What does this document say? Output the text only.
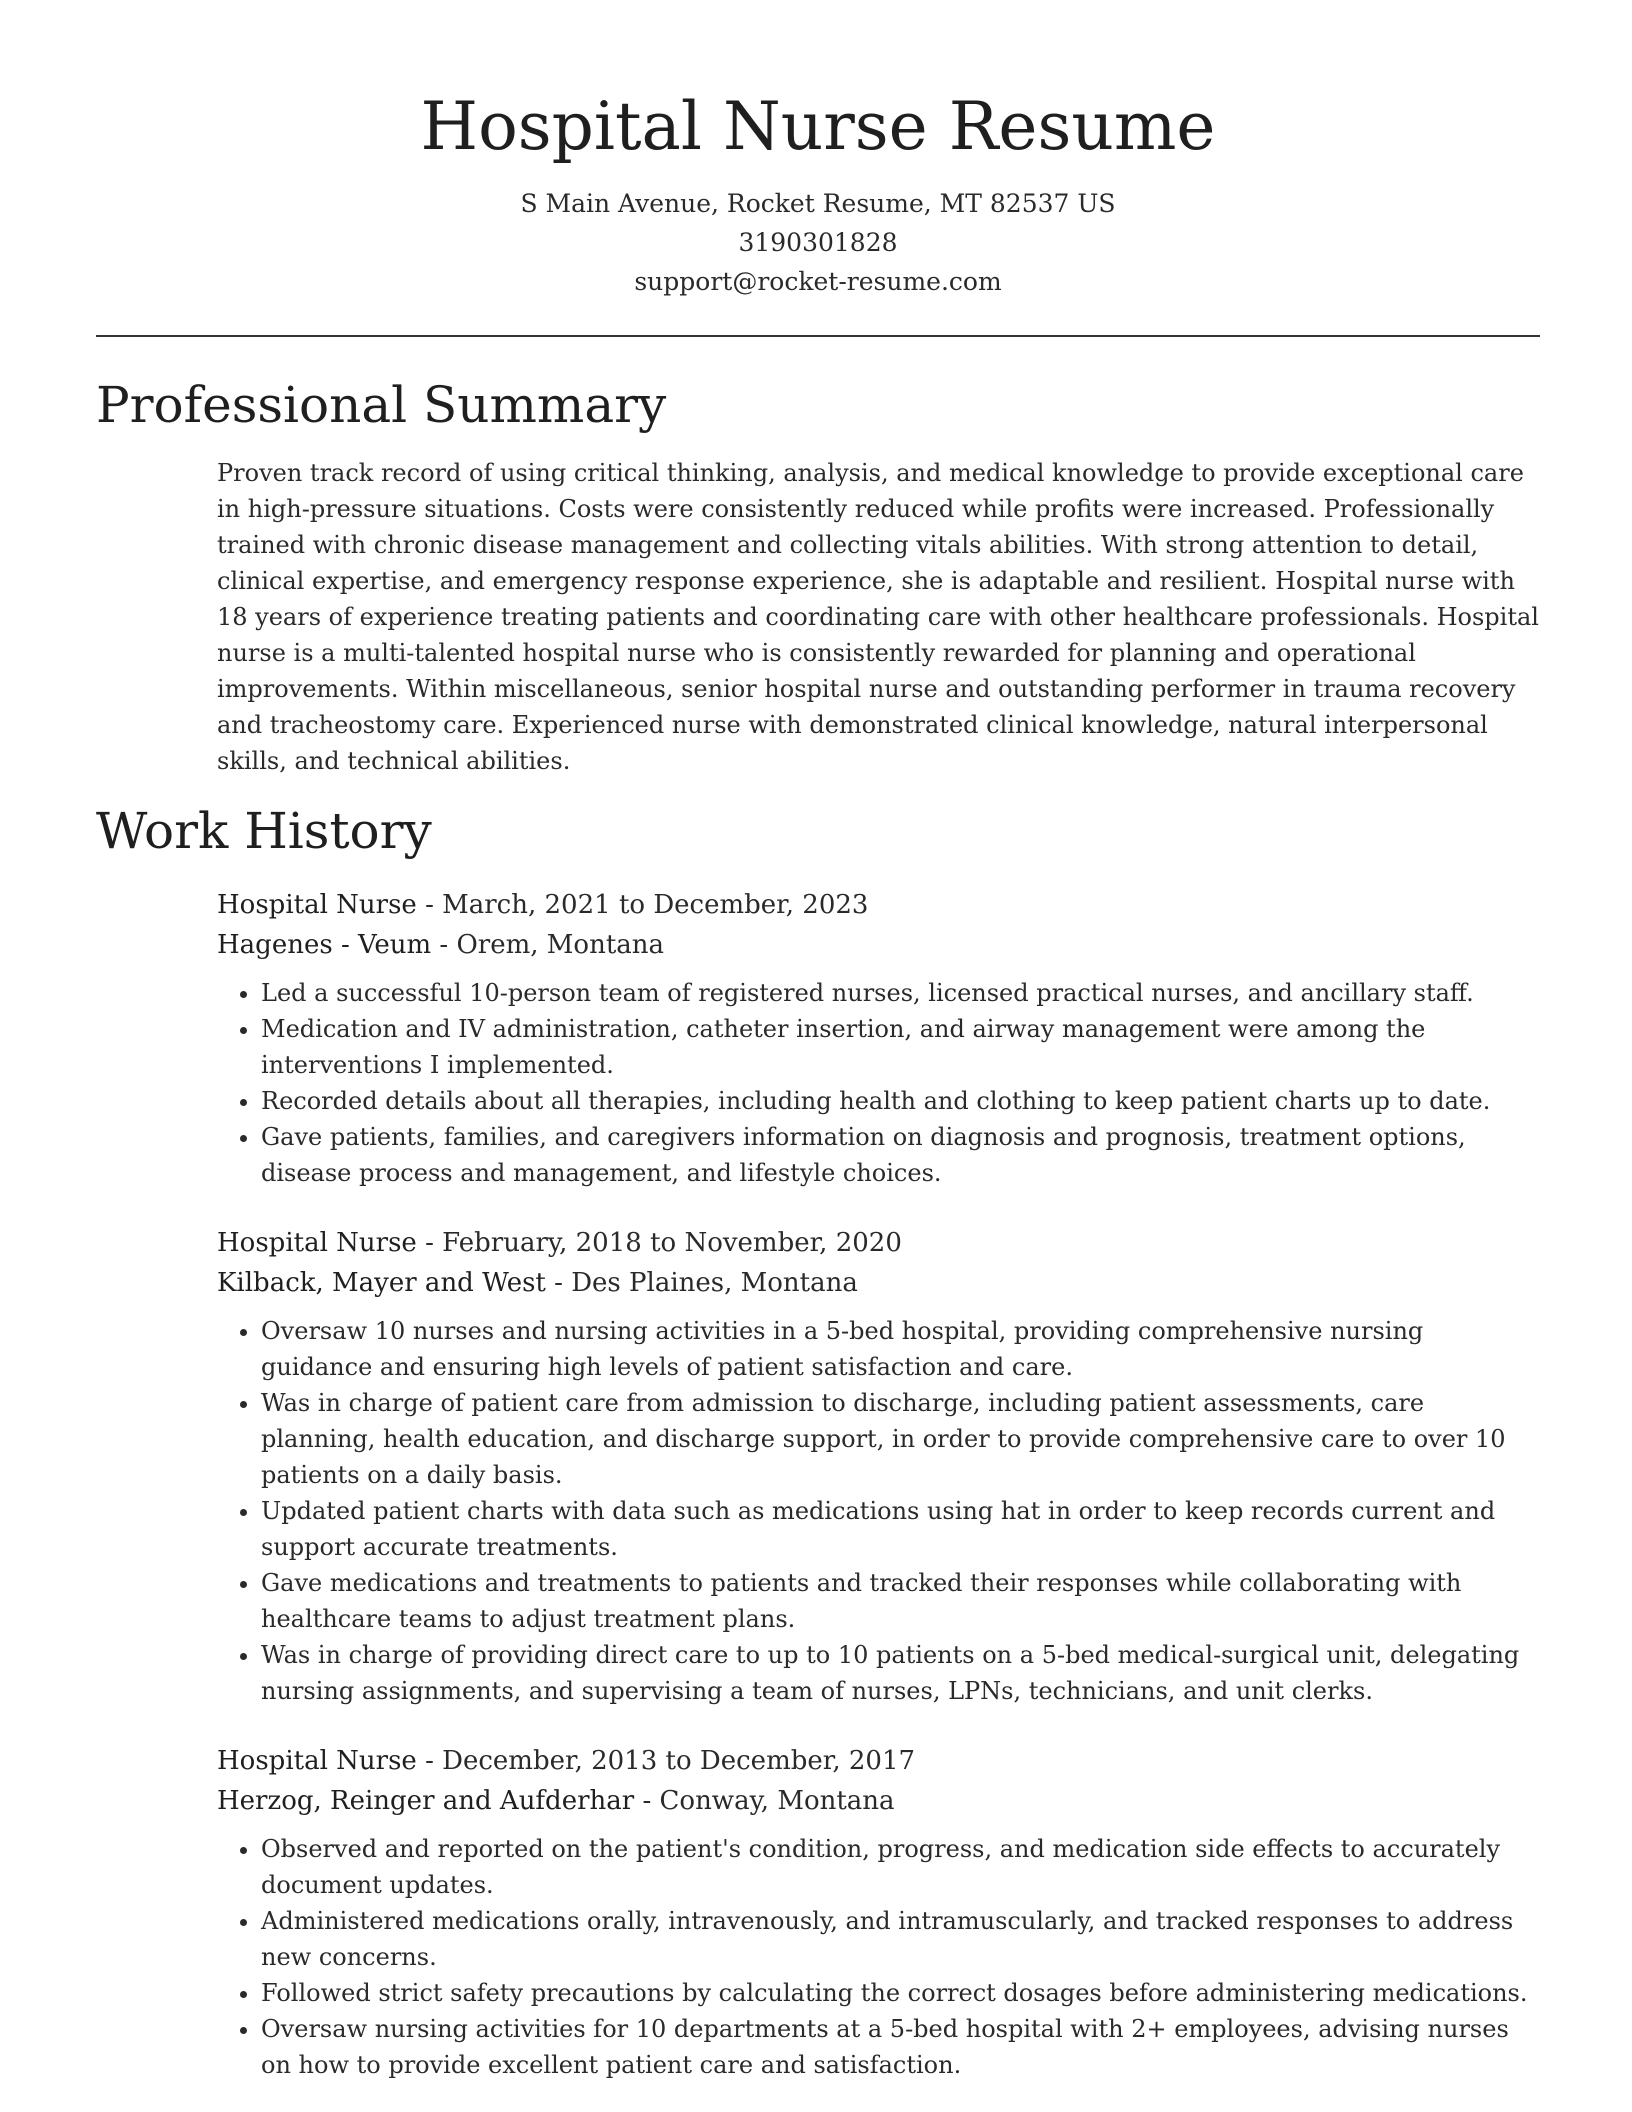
Hospital Nurse Resume
S Main Avenue, Rocket Resume, MT 82537 US
3190301828
support@rocket-resume.com
Professional Summary
Proven track record of using critical thinking, analysis, and medical knowledge to provide exceptional care in high-pressure situations. Costs were consistently reduced while profits were increased. Professionally trained with chronic disease management and collecting vitals abilities. With strong attention to detail, clinical expertise, and emergency response experience, she is adaptable and resilient. Hospital nurse with 18 years of experience treating patients and coordinating care with other healthcare professionals. Hospital nurse is a multi-talented hospital nurse who is consistently rewarded for planning and operational improvements. Within miscellaneous, senior hospital nurse and outstanding performer in trauma recovery and tracheostomy care. Experienced nurse with demonstrated clinical knowledge, natural interpersonal skills, and technical abilities.
Work History
Hospital Nurse - March, 2021 to December, 2023
Hagenes - Veum - Orem, Montana
• Led a successful 10-person team of registered nurses, licensed practical nurses, and ancillary staff.
• Medication and IV administration, catheter insertion, and airway management were among the interventions I implemented.
• Recorded details about all therapies, including health and clothing to keep patient charts up to date.
• Gave patients, families, and caregivers information on diagnosis and prognosis, treatment options, disease process and management, and lifestyle choices.
Hospital Nurse - February, 2018 to November, 2020
Kilback, Mayer and West - Des Plaines, Montana
• Oversaw 10 nurses and nursing activities in a 5-bed hospital, providing comprehensive nursing guidance and ensuring high levels of patient satisfaction and care.
• Was in charge of patient care from admission to discharge, including patient assessments, care planning, health education, and discharge support, in order to provide comprehensive care to over 10 patients on a daily basis.
• Updated patient charts with data such as medications using hat in order to keep records current and support accurate treatments.
• Gave medications and treatments to patients and tracked their responses while collaborating with healthcare teams to adjust treatment plans.
• Was in charge of providing direct care to up to 10 patients on a 5-bed medical-surgical unit, delegating nursing assignments, and supervising a team of nurses, LPNs, technicians, and unit clerks.
Hospital Nurse - December, 2013 to December, 2017
Herzog, Reinger and Aufderhar - Conway, Montana
• Observed and reported on the patient's condition, progress, and medication side effects to accurately document updates.
• Administered medications orally, intravenously, and intramuscularly, and tracked responses to address new concerns.
• Followed strict safety precautions by calculating the correct dosages before administering medications.
• Oversaw nursing activities for 10 departments at a 5-bed hospital with 2+ employees, advising nurses on how to provide excellent patient care and satisfaction.
